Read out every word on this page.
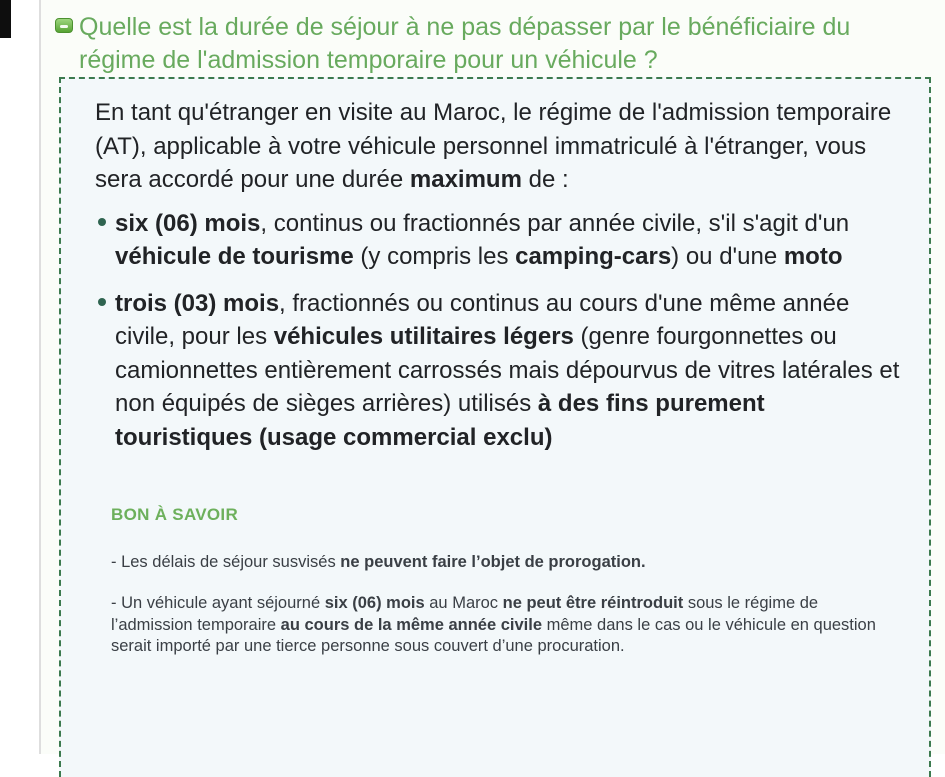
Quelle est la durée de séjour à ne pas dépasser par le bénéficiaire du régime de l'admission temporaire pour un véhicule ?

En tant qu'étranger en visite au Maroc, le régime de l'admission temporaire (AT), applicable à votre véhicule personnel immatriculé à l'étranger, vous sera accordé pour une durée maximum de :

six (06) mois, continus ou fractionnés par année civile, s'il s'agit d'un véhicule de tourisme (y compris les camping-cars) ou d'une moto
trois (03) mois, fractionnés ou continus au cours d'une même année civile, pour les véhicules utilitaires légers (genre fourgonnettes ou camionnettes entièrement carrossés mais dépourvus de vitres latérales et non équipés de sièges arrières) utilisés à des fins purement touristiques (usage commercial exclu)
BON À SAVOIR

- Les délais de séjour susvisés ne peuvent faire l’objet de prorogation.

- Un véhicule ayant séjourné six (06) mois au Maroc ne peut être réintroduit sous le régime de l’admission temporaire au cours de la même année civile même dans le cas ou le véhicule en question serait importé par une tierce personne sous couvert d’une procuration.
